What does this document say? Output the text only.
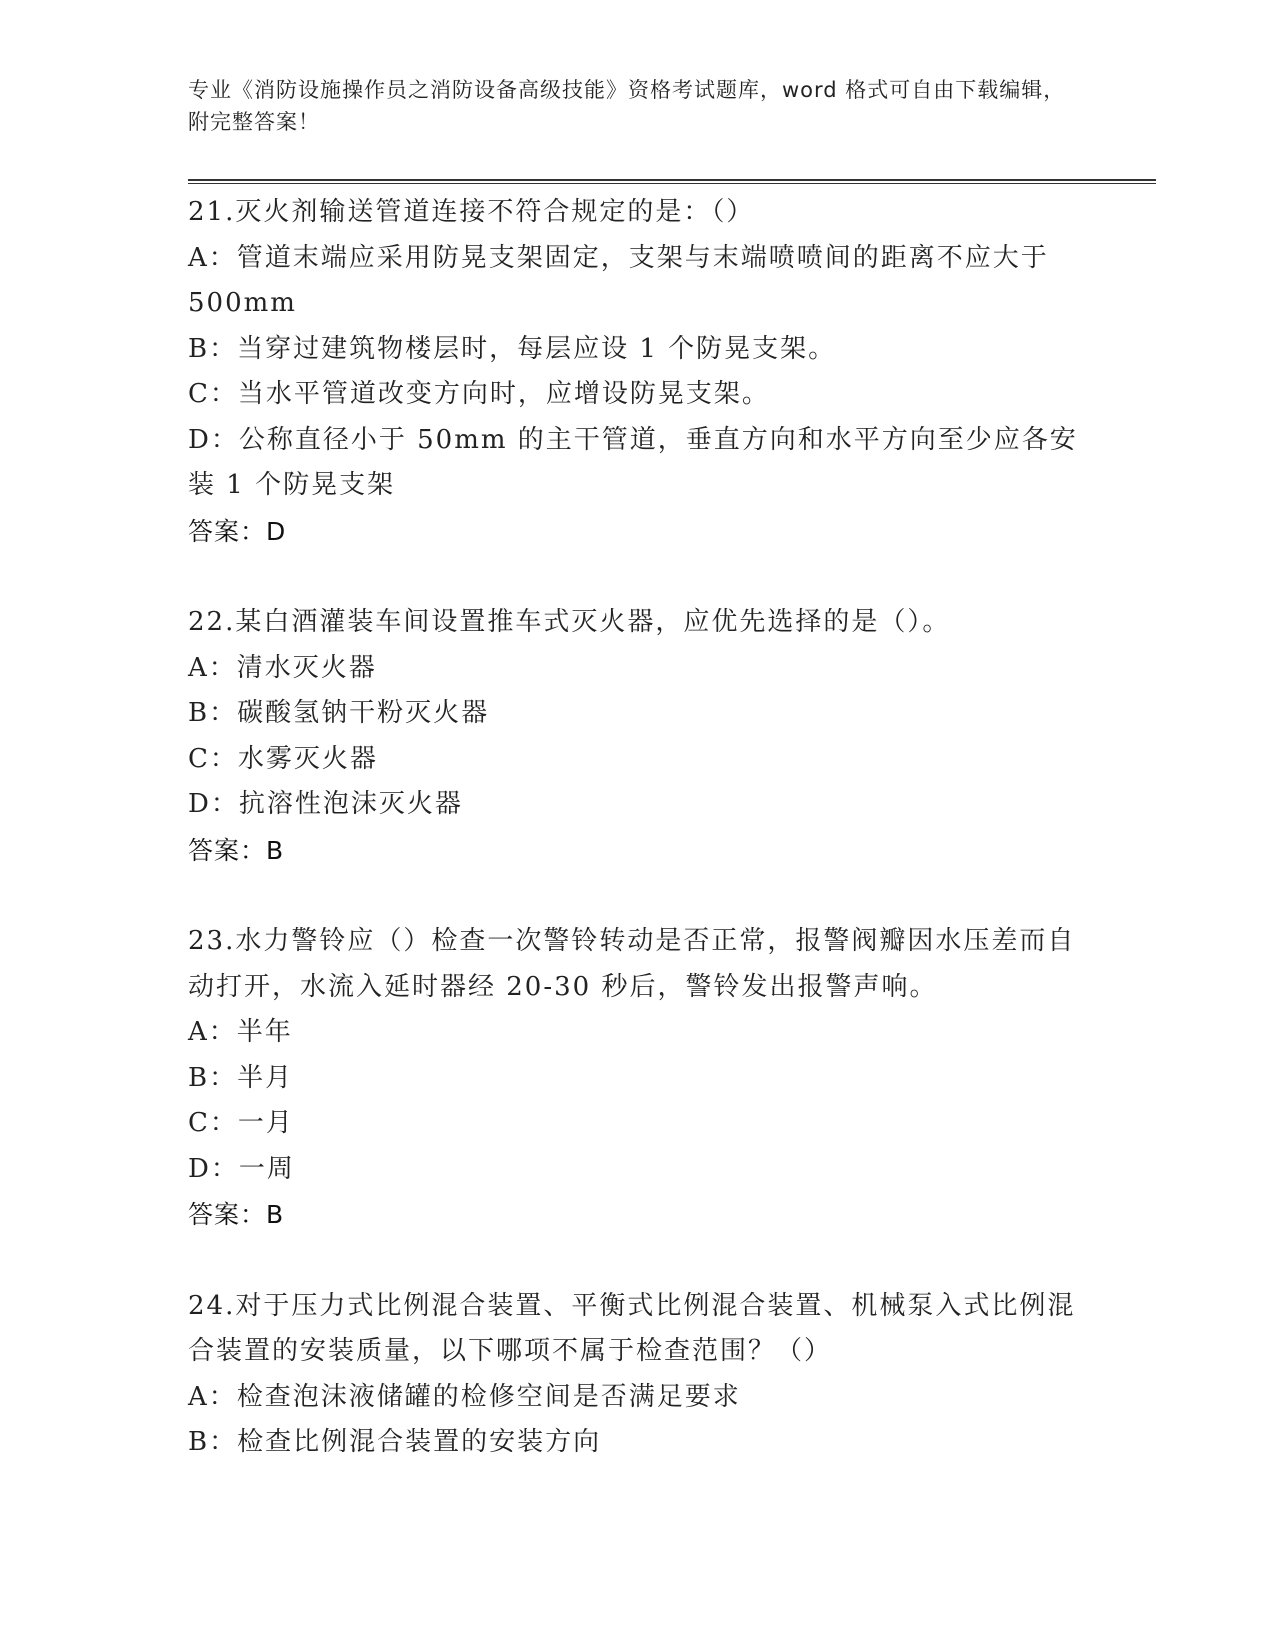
专业《消防设施操作员之消防设备高级技能》资格考试题库，word 格式可自由下载编辑，附完整答案！
21.灭火剂输送管道连接不符合规定的是：（）
A：管道末端应采用防晃支架固定，支架与末端喷喷间的距离不应大于500mm
B：当穿过建筑物楼层时，每层应设 1 个防晃支架。
C：当水平管道改变方向时，应增设防晃支架。
D：公称直径小于 50mm 的主干管道，垂直方向和水平方向至少应各安装 1 个防晃支架
答案：D
22.某白酒灌装车间设置推车式灭火器，应优先选择的是（）。
A：清水灭火器
B：碳酸氢钠干粉灭火器
C：水雾灭火器
D：抗溶性泡沫灭火器
答案：B
23.水力警铃应（）检查一次警铃转动是否正常，报警阀瓣因水压差而自动打开，水流入延时器经 20-30 秒后，警铃发出报警声响。
A：半年
B：半月
C：一月
D：一周
答案：B
24.对于压力式比例混合装置、平衡式比例混合装置、机械泵入式比例混合装置的安装质量，以下哪项不属于检查范围？（）
A：检查泡沫液储罐的检修空间是否满足要求
B：检查比例混合装置的安装方向
